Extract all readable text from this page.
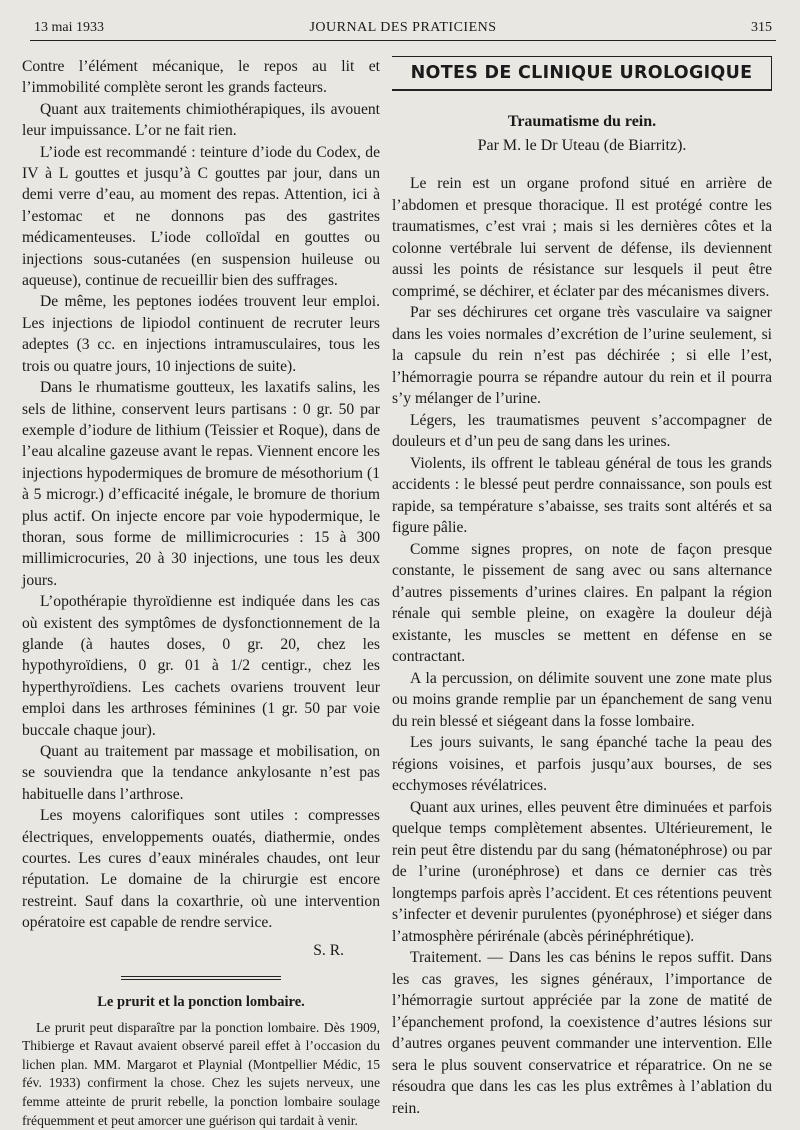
13 mai 1933	JOURNAL DES PRATICIENS	315

Contre l’élément mécanique, le repos au lit et l’immobilité complète seront les grands facteurs.

Quant aux traitements chimiothérapiques, ils avouent leur impuissance. L’or ne fait rien.

L’iode est recommandé : teinture d’iode du Codex, de IV à L gouttes et jusqu’à C gouttes par jour, dans un demi verre d’eau, au moment des repas. Attention, ici à l’estomac et ne donnons pas des gastrites médicamenteuses. L’iode colloïdal en gouttes ou injections sous-cutanées (en suspension huileuse ou aqueuse), continue de recueillir bien des suffrages.

De même, les peptones iodées trouvent leur emploi. Les injections de lipiodol continuent de recruter leurs adeptes (3 cc. en injections intramusculaires, tous les trois ou quatre jours, 10 injections de suite).

Dans le rhumatisme goutteux, les laxatifs salins, les sels de lithine, conservent leurs partisans : 0 gr. 50 par exemple d’iodure de lithium (Teissier et Roque), dans de l’eau alcaline gazeuse avant le repas. Viennent encore les injections hypodermiques de bromure de mésothorium (1 à 5 microgr.) d’efficacité inégale, le bromure de thorium plus actif. On injecte encore par voie hypodermique, le thoran, sous forme de millimicrocuries : 15 à 300 millimicrocuries, 20 à 30 injections, une tous les deux jours.

L’opothérapie thyroïdienne est indiquée dans les cas où existent des symptômes de dysfonctionnement de la glande (à hautes doses, 0 gr. 20, chez les hypothyroïdiens, 0 gr. 01 à 1/2 centigr., chez les hyperthyroïdiens. Les cachets ovariens trouvent leur emploi dans les arthroses féminines (1 gr. 50 par voie buccale chaque jour).

Quant au traitement par massage et mobilisation, on se souviendra que la tendance ankylosante n’est pas habituelle dans l’arthrose.

Les moyens calorifiques sont utiles : compresses électriques, enveloppements ouatés, diathermie, ondes courtes. Les cures d’eaux minérales chaudes, ont leur réputation. Le domaine de la chirurgie est encore restreint. Sauf dans la coxarthrie, où une intervention opératoire est capable de rendre service.

S. R.
Le prurit et la ponction lombaire.

Le prurit peut disparaître par la ponction lombaire. Dès 1909, Thibierge et Ravaut avaient observé pareil effet à l’occasion du lichen plan. MM. Margarot et Playnial (Montpellier Médic, 15 fév. 1933) confirment la chose. Chez les sujets nerveux, une femme atteinte de prurit rebelle, la ponction lombaire soulage fréquemment et peut amorcer une guérison qui tardait à venir.

NOTES DE CLINIQUE UROLOGIQUE
Traumatisme du rein.
Par M. le Dr Uteau (de Biarritz).

Le rein est un organe profond situé en arrière de l’abdomen et presque thoracique. Il est protégé contre les traumatismes, c’est vrai ; mais si les dernières côtes et la colonne vertébrale lui servent de défense, ils deviennent aussi les points de résistance sur lesquels il peut être comprimé, se déchirer, et éclater par des mécanismes divers.

Par ses déchirures cet organe très vasculaire va saigner dans les voies normales d’excrétion de l’urine seulement, si la capsule du rein n’est pas déchirée ; si elle l’est, l’hémorragie pourra se répandre autour du rein et il pourra s’y mélanger de l’urine.

Légers, les traumatismes peuvent s’accompagner de douleurs et d’un peu de sang dans les urines.

Violents, ils offrent le tableau général de tous les grands accidents : le blessé peut perdre connaissance, son pouls est rapide, sa température s’abaisse, ses traits sont altérés et sa figure pâlie.

Comme signes propres, on note de façon presque constante, le pissement de sang avec ou sans alternance d’autres pissements d’urines claires. En palpant la région rénale qui semble pleine, on exagère la douleur déjà existante, les muscles se mettent en défense en se contractant.

A la percussion, on délimite souvent une zone mate plus ou moins grande remplie par un épanchement de sang venu du rein blessé et siégeant dans la fosse lombaire.

Les jours suivants, le sang épanché tache la peau des régions voisines, et parfois jusqu’aux bourses, de ses ecchymoses révélatrices.

Quant aux urines, elles peuvent être diminuées et parfois quelque temps complètement absentes. Ultérieurement, le rein peut être distendu par du sang (hématonéphrose) ou par de l’urine (uronéphrose) et dans ce dernier cas très longtemps parfois après l’accident. Et ces rétentions peuvent s’infecter et devenir purulentes (pyonéphrose) et siéger dans l’atmosphère périrénale (abcès périnéphrétique).

Traitement. — Dans les cas bénins le repos suffit. Dans les cas graves, les signes généraux, l’importance de l’hémorragie surtout appréciée par la zone de matité de l’épanchement profond, la coexistence d’autres lésions sur d’autres organes peuvent commander une intervention. Elle sera le plus souvent conservatrice et réparatrice. On ne se résoudra que dans les cas les plus extrêmes à l’ablation du rein.
